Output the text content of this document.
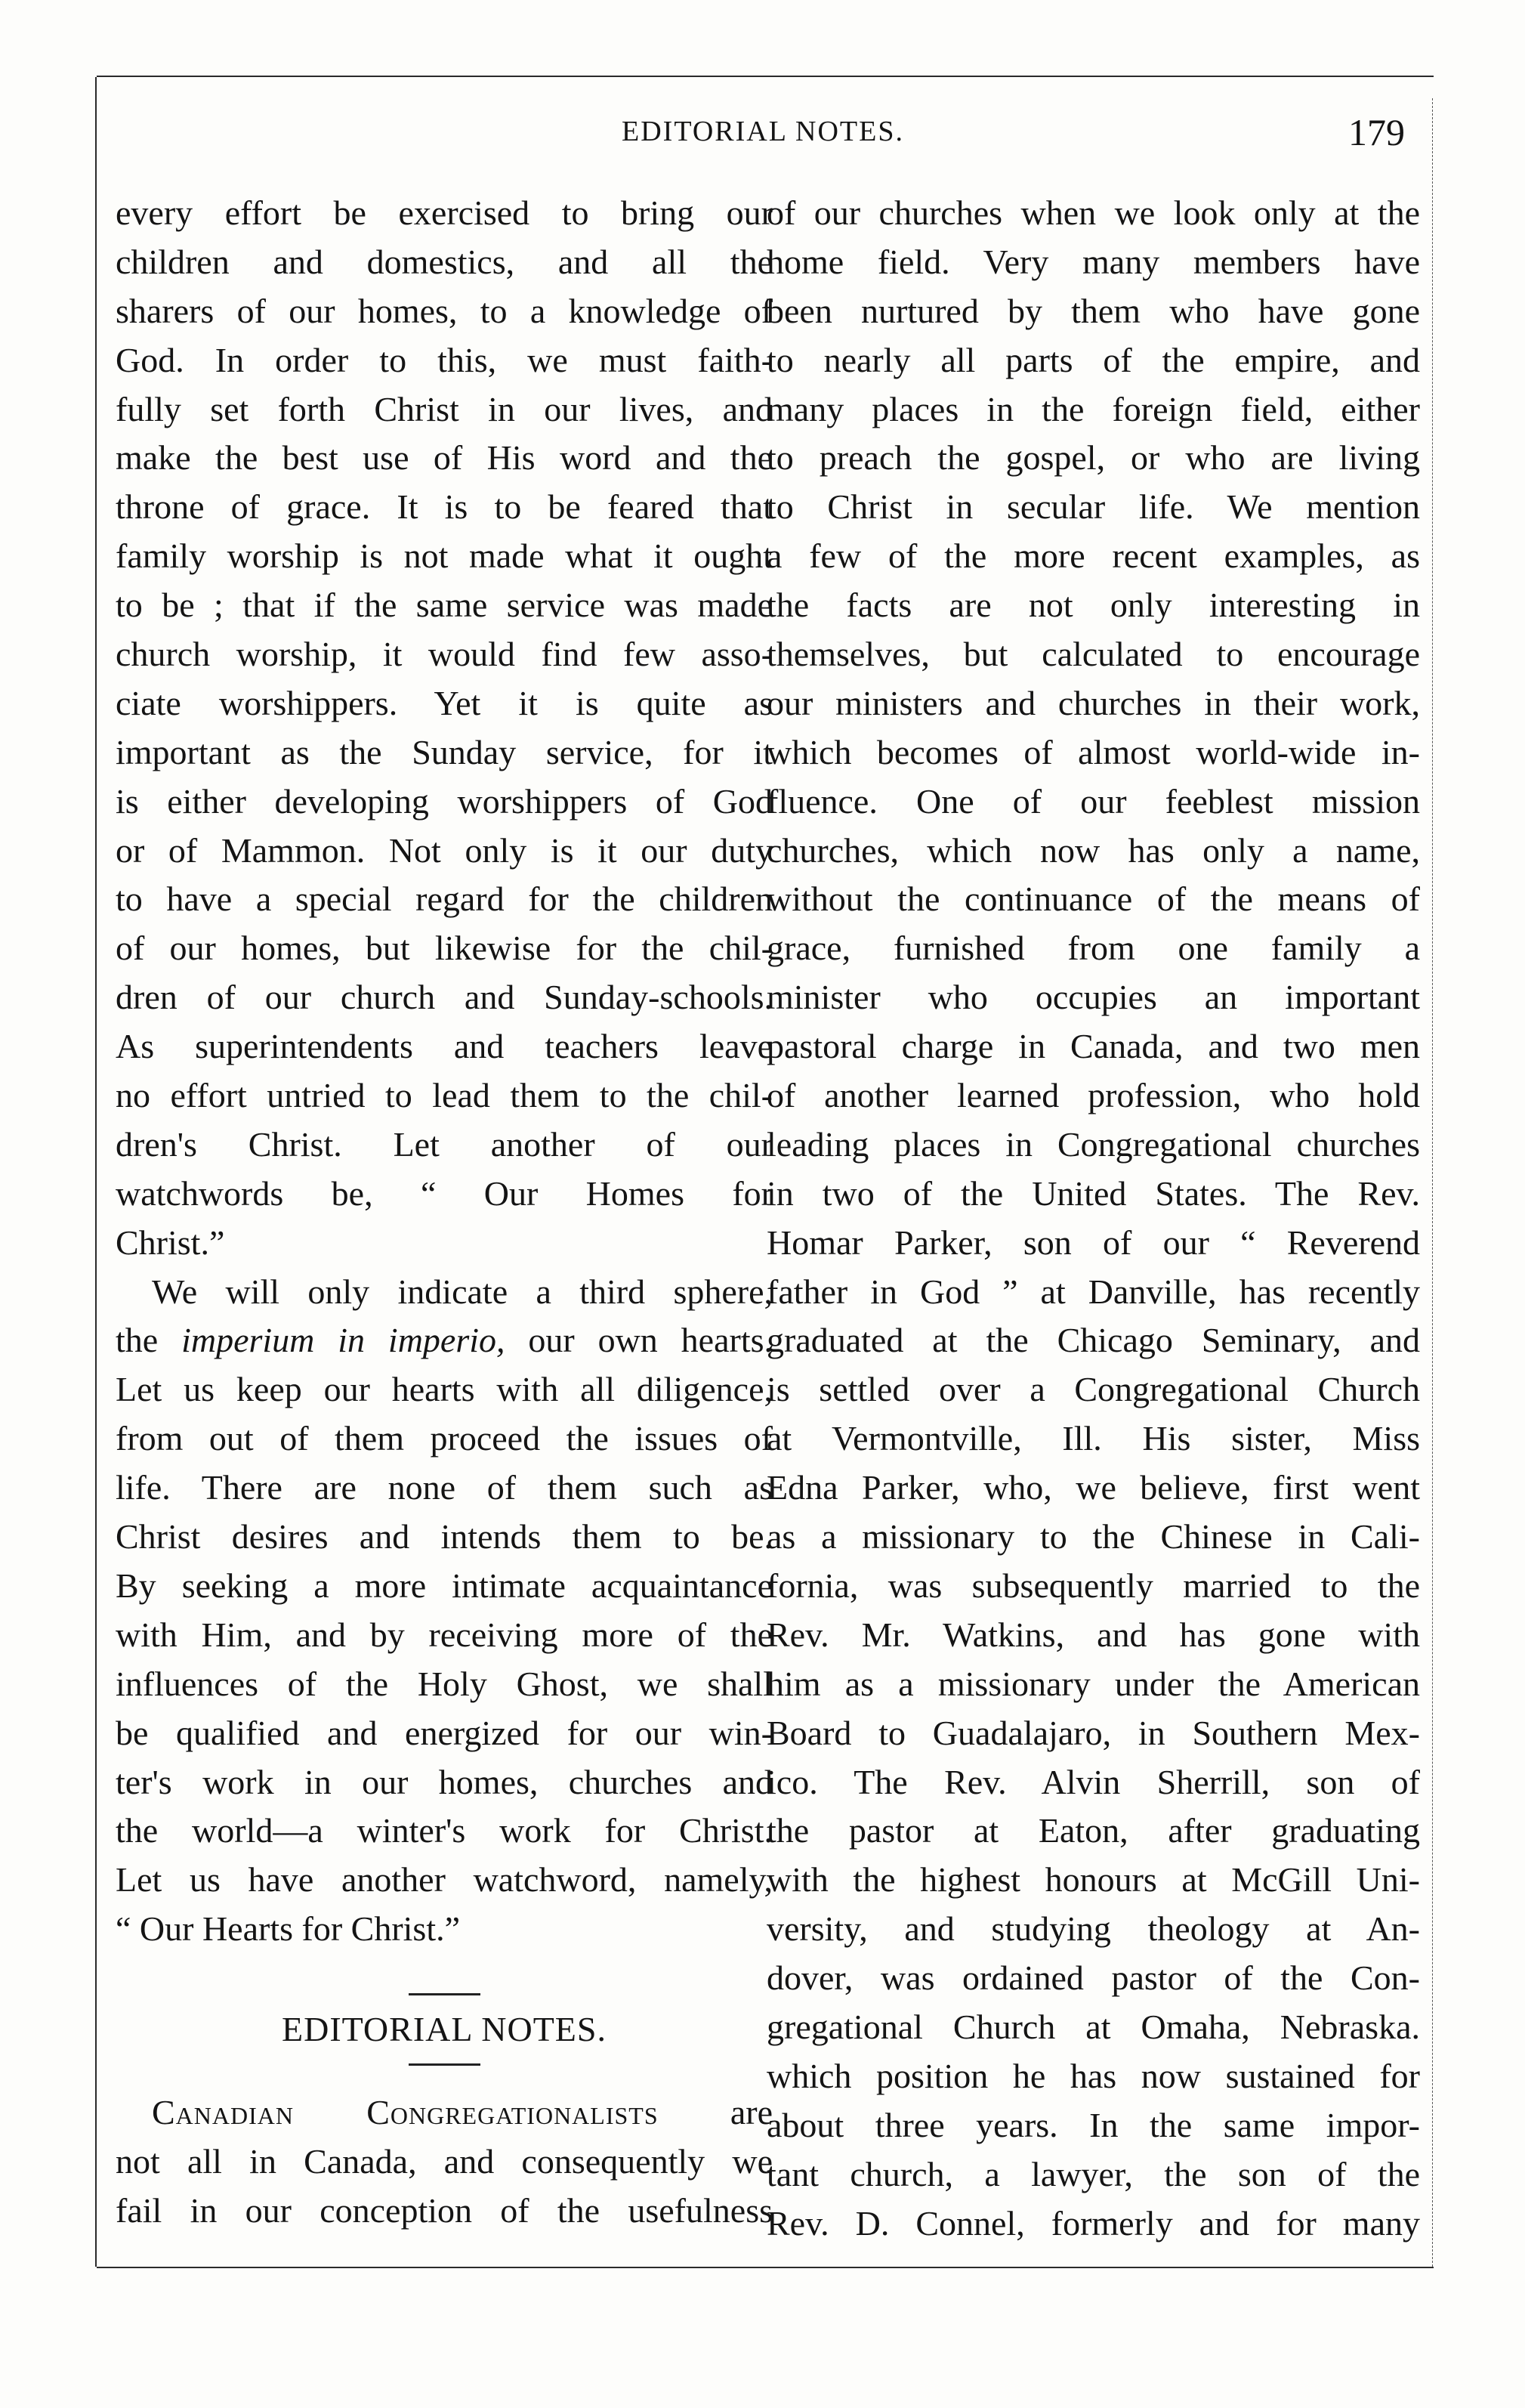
EDITORIAL NOTES.	179
every effort be exercised to bring our
children and domestics, and all the
sharers of our homes, to a knowledge of
God. In order to this, we must faith-
fully set forth Christ in our lives, and
make the best use of His word and the
throne of grace. It is to be feared that
family worship is not made what it ought
to be ; that if the same service was made
church worship, it would find few asso-
ciate worshippers. Yet it is quite as
important as the Sunday service, for it
is either developing worshippers of God
or of Mammon. Not only is it our duty
to have a special regard for the children
of our homes, but likewise for the chil-
dren of our church and Sunday-schools.
As superintendents and teachers leave
no effort untried to lead them to the chil-
dren's Christ. Let another of our
watchwords be, “ Our Homes for
Christ.”
We will only indicate a third sphere,
the imperium in imperio, our own hearts.
Let us keep our hearts with all diligence,
from out of them proceed the issues of
life. There are none of them such as
Christ desires and intends them to be.
By seeking a more intimate acquaintance
with Him, and by receiving more of the
influences of the Holy Ghost, we shall
be qualified and energized for our win-
ter's work in our homes, churches and
the world—a winter's work for Christ.
Let us have another watchword, namely,
“ Our Hearts for Christ.”
EDITORIAL NOTES.
Canadian Congregationalists are
not all in Canada, and consequently we
fail in our conception of the usefulness
of our churches when we look only at the
home field. Very many members have
been nurtured by them who have gone
to nearly all parts of the empire, and
many places in the foreign field, either
to preach the gospel, or who are living
to Christ in secular life. We mention
a few of the more recent examples, as
the facts are not only interesting in
themselves, but calculated to encourage
our ministers and churches in their work,
which becomes of almost world-wide in-
fluence. One of our feeblest mission
churches, which now has only a name,
without the continuance of the means of
grace, furnished from one family a
minister who occupies an important
pastoral charge in Canada, and two men
of another learned profession, who hold
leading places in Congregational churches
in two of the United States. The Rev.
Homar Parker, son of our “ Reverend
father in God ” at Danville, has recently
graduated at the Chicago Seminary, and
is settled over a Congregational Church
at Vermontville, Ill. His sister, Miss
Edna Parker, who, we believe, first went
as a missionary to the Chinese in Cali-
fornia, was subsequently married to the
Rev. Mr. Watkins, and has gone with
him as a missionary under the American
Board to Guadalajaro, in Southern Mex-
ico. The Rev. Alvin Sherrill, son of
the pastor at Eaton, after graduating
with the highest honours at McGill Uni-
versity, and studying theology at An-
dover, was ordained pastor of the Con-
gregational Church at Omaha, Nebraska.
which position he has now sustained for
about three years. In the same impor-
tant church, a lawyer, the son of the
Rev. D. Connel, formerly and for many
